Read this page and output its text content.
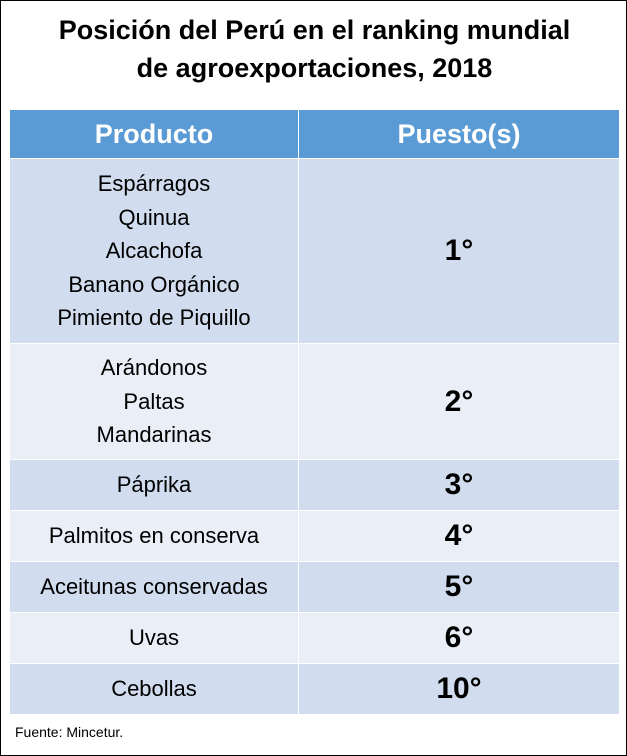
Posición del Perú en el ranking mundial
de agroexportaciones, 2018
Producto	Puesto(s)

Espárragos
Quinua
Alcachofa
Banano Orgánico
Pimiento de Piquillo	1°

Arándonos
Paltas
Mandarinas	2°

Páprika	3°

Palmitos en conserva	4°

Aceitunas conservadas	5°

Uvas	6°

Cebollas	10°
Fuente: Mincetur.
